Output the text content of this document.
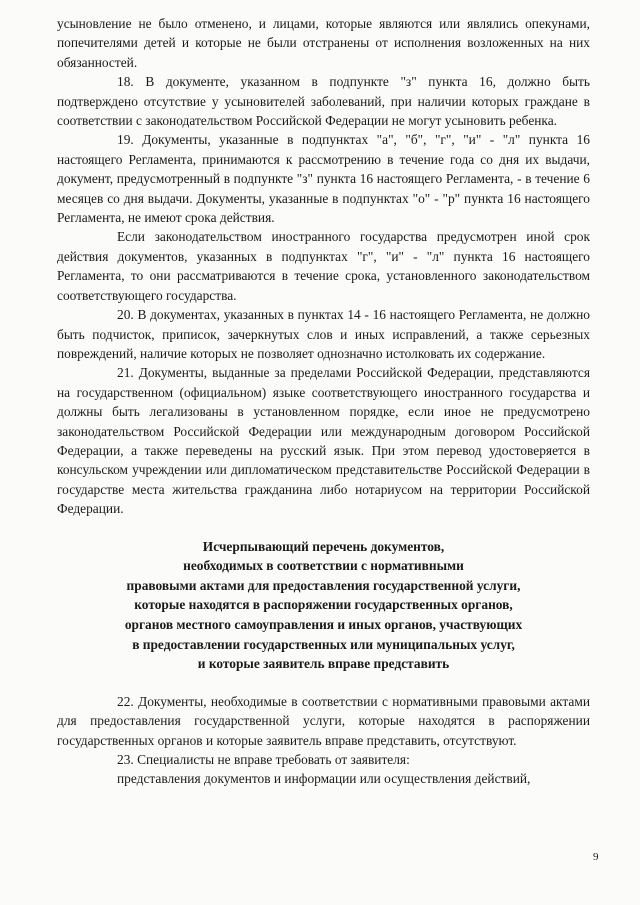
усыновление не было отменено, и лицами, которые являются или являлись опекунами, попечителями детей и которые не были отстранены от исполнения возложенных на них обязанностей.

18. В документе, указанном в подпункте "з" пункта 16, должно быть подтверждено отсутствие у усыновителей заболеваний, при наличии которых граждане в соответствии с законодательством Российской Федерации не могут усыновить ребенка.

19. Документы, указанные в подпунктах "а", "б", "г", "и" - "л" пункта 16 настоящего Регламента, принимаются к рассмотрению в течение года со дня их выдачи, документ, предусмотренный в подпункте "з" пункта 16 настоящего Регламента, - в течение 6 месяцев со дня выдачи. Документы, указанные в подпунктах "о" - "р" пункта 16 настоящего Регламента, не имеют срока действия.

Если законодательством иностранного государства предусмотрен иной срок действия документов, указанных в подпунктах "г", "и" - "л" пункта 16 настоящего Регламента, то они рассматриваются в течение срока, установленного законодательством соответствующего государства.

20. В документах, указанных в пунктах 14 - 16 настоящего Регламента, не должно быть подчисток, приписок, зачеркнутых слов и иных исправлений, а также серьезных повреждений, наличие которых не позволяет однозначно истолковать их содержание.

21. Документы, выданные за пределами Российской Федерации, представляются на государственном (официальном) языке соответствующего иностранного государства и должны быть легализованы в установленном порядке, если иное не предусмотрено законодательством Российской Федерации или международным договором Российской Федерации, а также переведены на русский язык. При этом перевод удостоверяется в консульском учреждении или дипломатическом представительстве Российской Федерации в государстве места жительства гражданина либо нотариусом на территории Российской Федерации.

Исчерпывающий перечень документов,
необходимых в соответствии с нормативными
правовыми актами для предоставления государственной услуги,
которые находятся в распоряжении государственных органов,
органов местного самоуправления и иных органов, участвующих
в предоставлении государственных или муниципальных услуг,
и которые заявитель вправе представить

22. Документы, необходимые в соответствии с нормативными правовыми актами для предоставления государственной услуги, которые находятся в распоряжении государственных органов и которые заявитель вправе представить, отсутствуют.

23. Специалисты не вправе требовать от заявителя:

представления документов и информации или осуществления действий,

9
